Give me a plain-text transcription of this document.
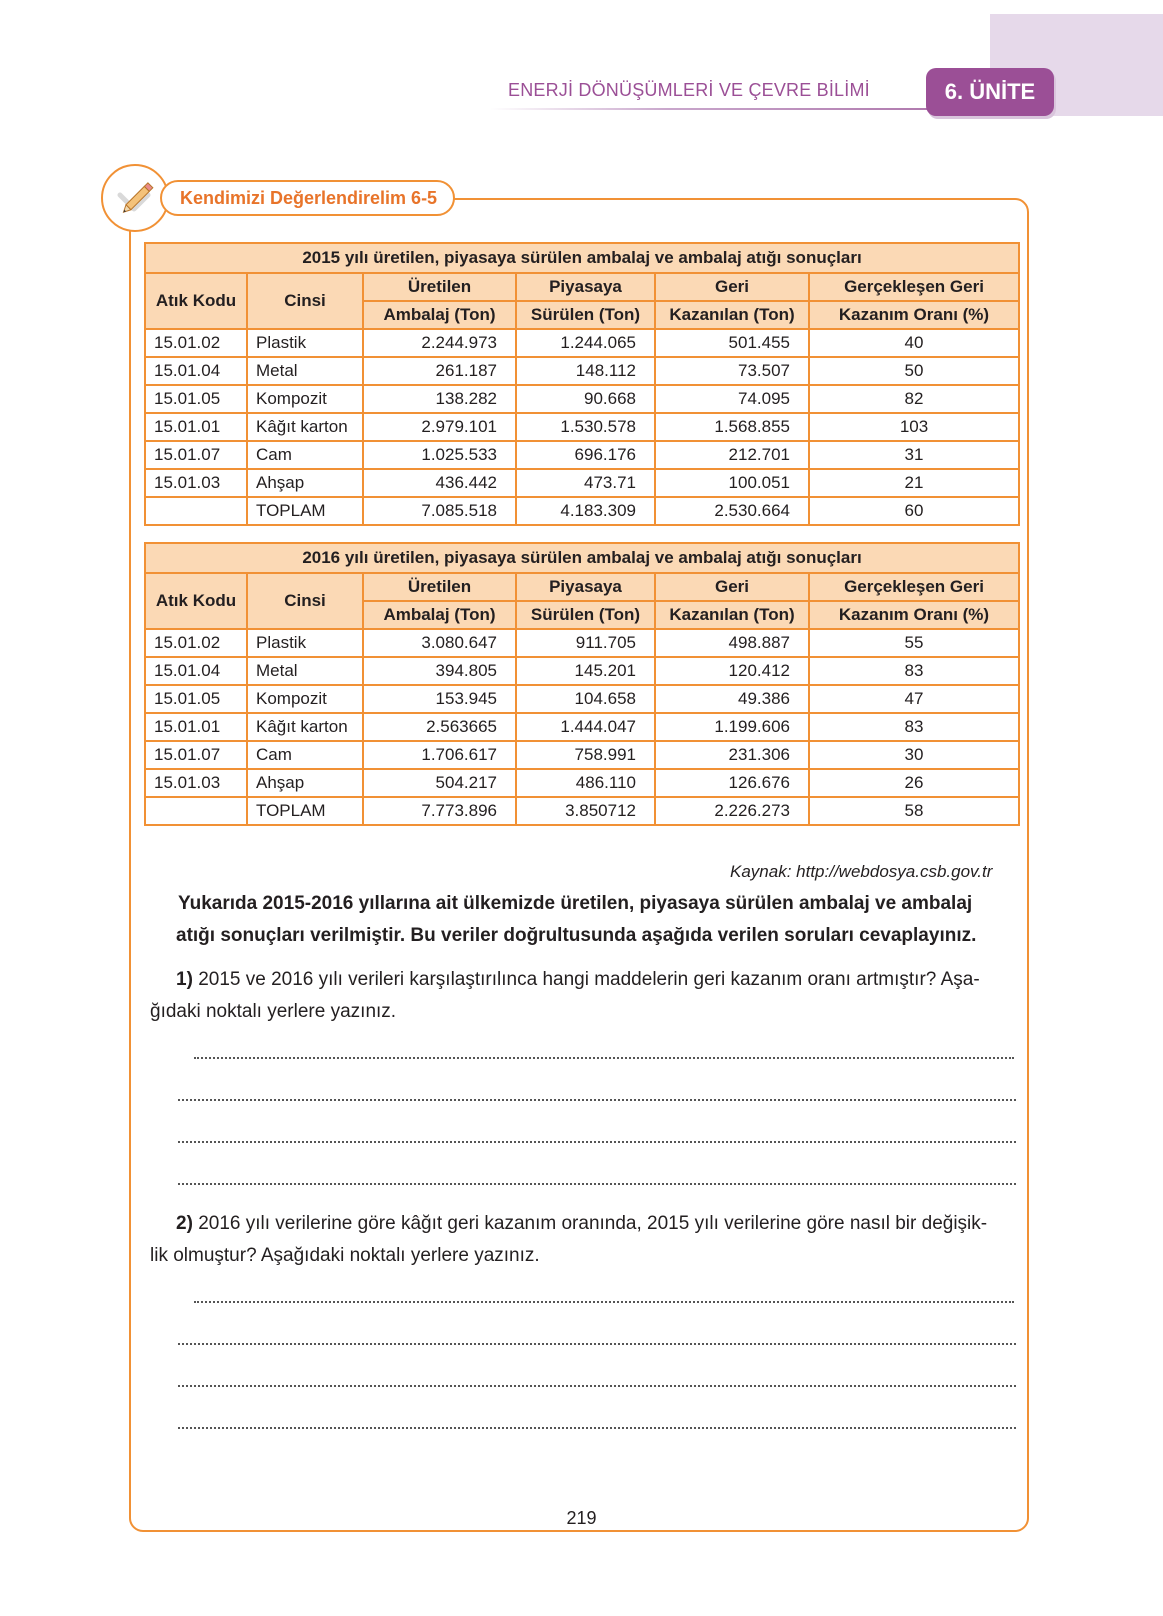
ENERJİ DÖNÜŞÜMLERİ VE ÇEVRE BİLİMİ	6. ÜNİTE
Kendimizi Değerlendirelim 6-5
2015 yılı üretilen, piyasaya sürülen ambalaj ve ambalaj atığı sonuçları					
Atık Kodu	Cinsi	Üretilen	Piyasaya	Geri	Gerçekleşen Geri
		Ambalaj (Ton)	Sürülen (Ton)	Kazanılan (Ton)	Kazanım Oranı (%)
15.01.02	Plastik	2.244.973	1.244.065	501.455	40
15.01.04	Metal	261.187	148.112	73.507	50
15.01.05	Kompozit	138.282	90.668	74.095	82
15.01.01	Kâğıt karton	2.979.101	1.530.578	1.568.855	103
15.01.07	Cam	1.025.533	696.176	212.701	31
15.01.03	Ahşap	436.442	473.71	100.051	21
	TOPLAM	7.085.518	4.183.309	2.530.664	60
2016 yılı üretilen, piyasaya sürülen ambalaj ve ambalaj atığı sonuçları					
Atık Kodu	Cinsi	Üretilen	Piyasaya	Geri	Gerçekleşen Geri
		Ambalaj (Ton)	Sürülen (Ton)	Kazanılan (Ton)	Kazanım Oranı (%)
15.01.02	Plastik	3.080.647	911.705	498.887	55
15.01.04	Metal	394.805	145.201	120.412	83
15.01.05	Kompozit	153.945	104.658	49.386	47
15.01.01	Kâğıt karton	2.563665	1.444.047	1.199.606	83
15.01.07	Cam	1.706.617	758.991	231.306	30
15.01.03	Ahşap	504.217	486.110	126.676	26
	TOPLAM	7.773.896	3.850712	2.226.273	58
Kaynak: http://webdosya.csb.gov.tr
Yukarıda 2015-2016 yıllarına ait ülkemizde üretilen, piyasaya sürülen ambalaj ve ambalaj atığı sonuçları verilmiştir. Bu veriler doğrultusunda aşağıda verilen soruları cevaplayınız.
1) 2015 ve 2016 yılı verileri karşılaştırılınca hangi maddelerin geri kazanım oranı artmıştır? Aşa-
ğıdaki noktalı yerlere yazınız.
2) 2016 yılı verilerine göre kâğıt geri kazanım oranında, 2015 yılı verilerine göre nasıl bir değişik-
lik olmuştur? Aşağıdaki noktalı yerlere yazınız.
219
